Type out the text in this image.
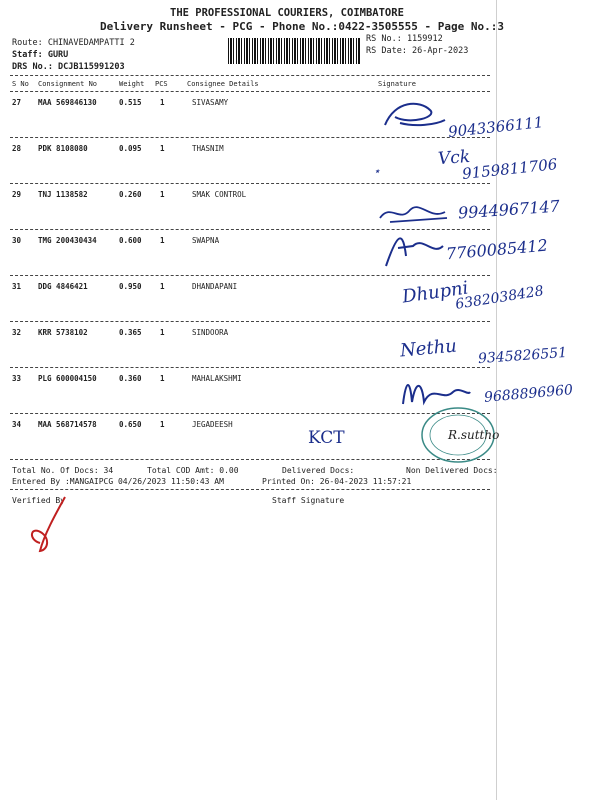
THE PROFESSIONAL COURIERS, COIMBATORE
Delivery Runsheet - PCG - Phone No.:0422-3505555 - Page No.:3
Route: CHINAVEDAMPATTI 2
Staff: GURU
DRS No.: DCJB115991203
RS No.: 1159912
RS Date: 26-Apr-2023
S No Consignment No	Weight PCS	Consignee Details	Signature
27 MAA 569846130	0.515 1	SIVASAMY
28 PDK 8108080	0.095 1	THASNIM
29 TNJ 1138582	0.260 1	SMAK CONTROL
30 TMG 200430434	0.600 1	SWAPNA
31 DDG 4846421	0.950 1	DHANDAPANI
32 KRR 5738102	0.365 1	SINDOORA
33 PLG 600004150	0.360 1	MAHALAKSHMI
34 MAA 568714578	0.650 1	JEGADEESH
9043366111
Vck
9159811706
⋆
9944967147
7760085412
Dhupni
6382038428
Nethu 9345826551
9688896960
KCT	R.suttho
Total No. Of Docs: 34	Total COD Amt: 0.00	Delivered Docs:	Non Delivered Docs:
Entered By :MANGAIPCG 04/26/2023 11:50:43 AM	Printed On: 26-04-2023 11:57:21
Verified By	Staff Signature
